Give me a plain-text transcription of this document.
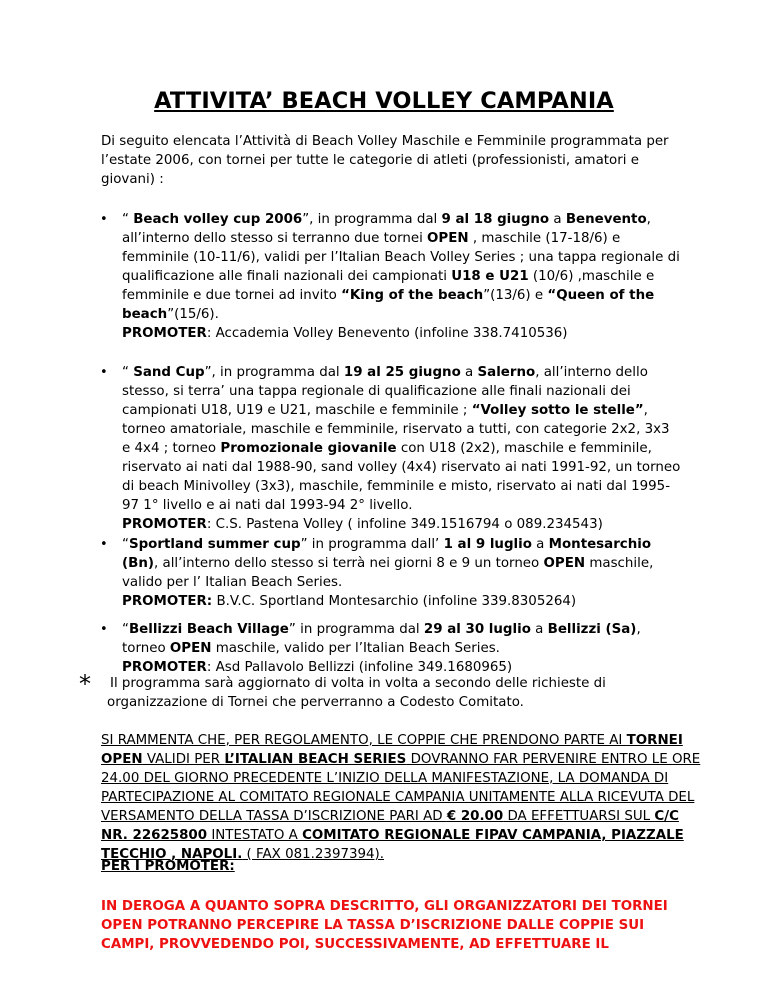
ATTIVITA’ BEACH VOLLEY CAMPANIA
Di seguito elencata l’Attività di Beach Volley Maschile e Femminile programmata per l’estate 2006, con tornei per tutte le categorie di atleti (professionisti, amatori e giovani) :
• “ Beach volley cup 2006”, in programma dal 9 al 18 giugno a Benevento, all’interno dello stesso si terranno due tornei OPEN , maschile (17-18/6) e femminile (10-11/6), validi per l’Italian Beach Volley Series ; una tappa regionale di qualificazione alle finali nazionali dei campionati U18 e U21 (10/6) ,maschile e femminile e due tornei ad invito “King of the beach”(13/6) e “Queen of the beach”(15/6).
PROMOTER: Accademia Volley Benevento (infoline 338.7410536)
• “ Sand Cup”, in programma dal 19 al 25 giugno a Salerno, all’interno dello stesso, si terra’ una tappa regionale di qualificazione alle finali nazionali dei campionati U18, U19 e U21, maschile e femminile ; “Volley sotto le stelle”, torneo amatoriale, maschile e femminile, riservato a tutti, con categorie 2x2, 3x3 e 4x4 ; torneo Promozionale giovanile con U18 (2x2), maschile e femminile, riservato ai nati dal 1988-90, sand volley (4x4) riservato ai nati 1991-92, un torneo di beach Minivolley (3x3), maschile, femminile e misto, riservato ai nati dal 1995-97 1° livello e ai nati dal 1993-94 2° livello.
PROMOTER: C.S. Pastena Volley ( infoline 349.1516794 o 089.234543)
• “Sportland summer cup” in programma dall’ 1 al 9 luglio a Montesarchio (Bn), all’interno dello stesso si terrà nei giorni 8 e 9 un torneo OPEN maschile, valido per l’ Italian Beach Series.
PROMOTER: B.V.C. Sportland Montesarchio (infoline 339.8305264)
• “Bellizzi Beach Village” in programma dal 29 al 30 luglio a Bellizzi (Sa), torneo OPEN maschile, valido per l’Italian Beach Series.
PROMOTER: Asd Pallavolo Bellizzi (infoline 349.1680965)
* Il programma sarà aggiornato di volta in volta a secondo delle richieste di
organizzazione di Tornei che perverranno a Codesto Comitato.
SI RAMMENTA CHE, PER REGOLAMENTO, LE COPPIE CHE PRENDONO PARTE AI TORNEI OPEN VALIDI PER L’ITALIAN BEACH SERIES DOVRANNO FAR PERVENIRE ENTRO LE ORE 24.00 DEL GIORNO PRECEDENTE L’INIZIO DELLA MANIFESTAZIONE, LA DOMANDA DI PARTECIPAZIONE AL COMITATO REGIONALE CAMPANIA UNITAMENTE ALLA RICEVUTA DEL VERSAMENTO DELLA TASSA D’ISCRIZIONE PARI AD € 20.00 DA EFFETTUARSI SUL C/C NR. 22625800 INTESTATO A COMITATO REGIONALE FIPAV CAMPANIA, PIAZZALE TECCHIO , NAPOLI. ( FAX 081.2397394).
PER I PROMOTER:
IN DEROGA A QUANTO SOPRA DESCRITTO, GLI ORGANIZZATORI DEI TORNEI OPEN POTRANNO PERCEPIRE LA TASSA D’ISCRIZIONE DALLE COPPIE SUI CAMPI, PROVVEDENDO POI, SUCCESSIVAMENTE, AD EFFETTUARE IL
